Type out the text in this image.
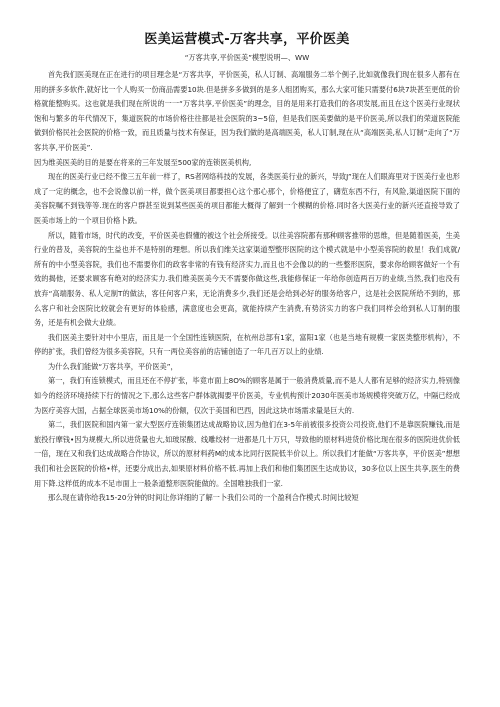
医美运营模式-万客共享，平价医美
“万客共享,平价医美”模型说明—、WW

首先我们医美现在正在进行的项目理念是“万客共享，平价医美，私人订制、高端服务二举个例子,比如就像我们现在很多人都有在用的拼多多软件,就好比一个人购买一份商品需要10块.但是拼多多做到的是多人组团购买，那么大家可能只需要付6块7块甚至更低的价格就能整购买。这也就是我们现在所说的一一“万客共享,平价医美”的理念，目的是用来打造我们的各项发展,而且在这个医美行业现状饱和与繁多的年代情况下，集道医院的市场价格往往都是社会医院的3~5倍，但是我们医美要做的是平价医美,所以我们的荣道医院能做到价格民社会医院的价格一致，而且质量与技术有保证，因为我们做的是高端医美，私人订制,现在从“高端医美,私人订制”走向了“万客共享,平价医美”.

因为维美医美的目的是要在将来的三年发展至500家的连锁医美机构,

现在的医美行业已经不像三五年前一样了，RS者网络科技的发展，各类医美行业的新兴，导致J”现在人们眼海里对于医美行业也形成了一定的概念，也不会说像以前一样，做个医美项目都要担心这个那心那个，价格便宜了，礴览东西不行，有风险,渠道医院下面的美容院嘱不到钱等等.现在的客户群甚至说到某些医美的项目都能大概得了解到一个模糊的价格.同时各大医美行业的新兴还直接导致了医美市场上的一个项目价格卜跌。

所以，随着市场，时代的改变，平价医美也假懂的被这个社会所接受。以往美容院都有那种顾客推带的思维，但是随着医美，生美行业的普及，美容院的生益也并不是特别的理想。所以我们维关这家渠道型整形医院的这个模式就是中小型美容院的救星！我们成就/所有的中小型美容院，我们也不需要你们的政客非常的有钱有经济实力,而且也不会像以的的一些整形医院，要求你给顾客做好一个有效的揭他，还要求顾客有绝对的经济实力.我们维美医美今天不需要你做这些,我能修保证一年给你创造两百万的业绩,当然,我们也没有放弃“高端服务、私人定制T的做法，客任何客户来，无论消费多少,我们还是会给到必好的服务给客户，这是社会医院所给不到的，那么客户和社会医院比较就会有更好的体验感，满意度也会更高，就能持续产生消费,有势济实力的客户我们同样会给到私人订制的服务，还是有机会做大业绩。

我们医美主要针对中小里店，而且是一个全国性连锁医院，在杭州总部有1家，富阳1家（也是当地有规模一家医类整形机构），不停的扩张，我们曾经为很多美容院，只有一两位美容前的店铺创造了一年几百万以上的业绩.

为什么我们能做“万客共享，平价医美”，

第一，我们有连锁模式，而且还在不停扩张，毕竟市面上8O%的顾客是属于一般消费质量,而不是人人都有足够的经济实力,特别像如今的经济环境持续下行的情况之下,那么这些客户群体就揭要平价医美，专业机构预计2030年医美市场规模将突破万亿，中隔已经成为医疗美容大国，占据全球医美市场10%的份额，仅次于美国和巴西，因此这块市场需求量是巨大的.

第二，我们医院和国内第一家大型医疗连锁集团达成战略协议,因为他们在3-5年前被很多投资公司投资,他们不是靠医院赚钱,而是旅投行摩钱•因为规模大,所以进货量也大,如玻尿酸、线雕绞材一进都是几十万只，导致他的原材料进货价格比现在很多的医院进优价低一倍，现在又和我们达成战略合作协议，所以的原材料药M的成本比同行医院低半价以上。所以我们才能做“万客共享，平价医美”想想我们和社会医院的价格•样，还要分成出去,如果原材料价格不低.再加上我们和他们集团医生达成协议，30多位以上医生共享,医生的费用下降.这样低的成本不足市面上一般条道整形医院能做的。全国唯独我们一家.

那么现在请你给我15-20分钟的时间让你详细的了解一卜我们公司的一个盈利合作模式.时间比较短
